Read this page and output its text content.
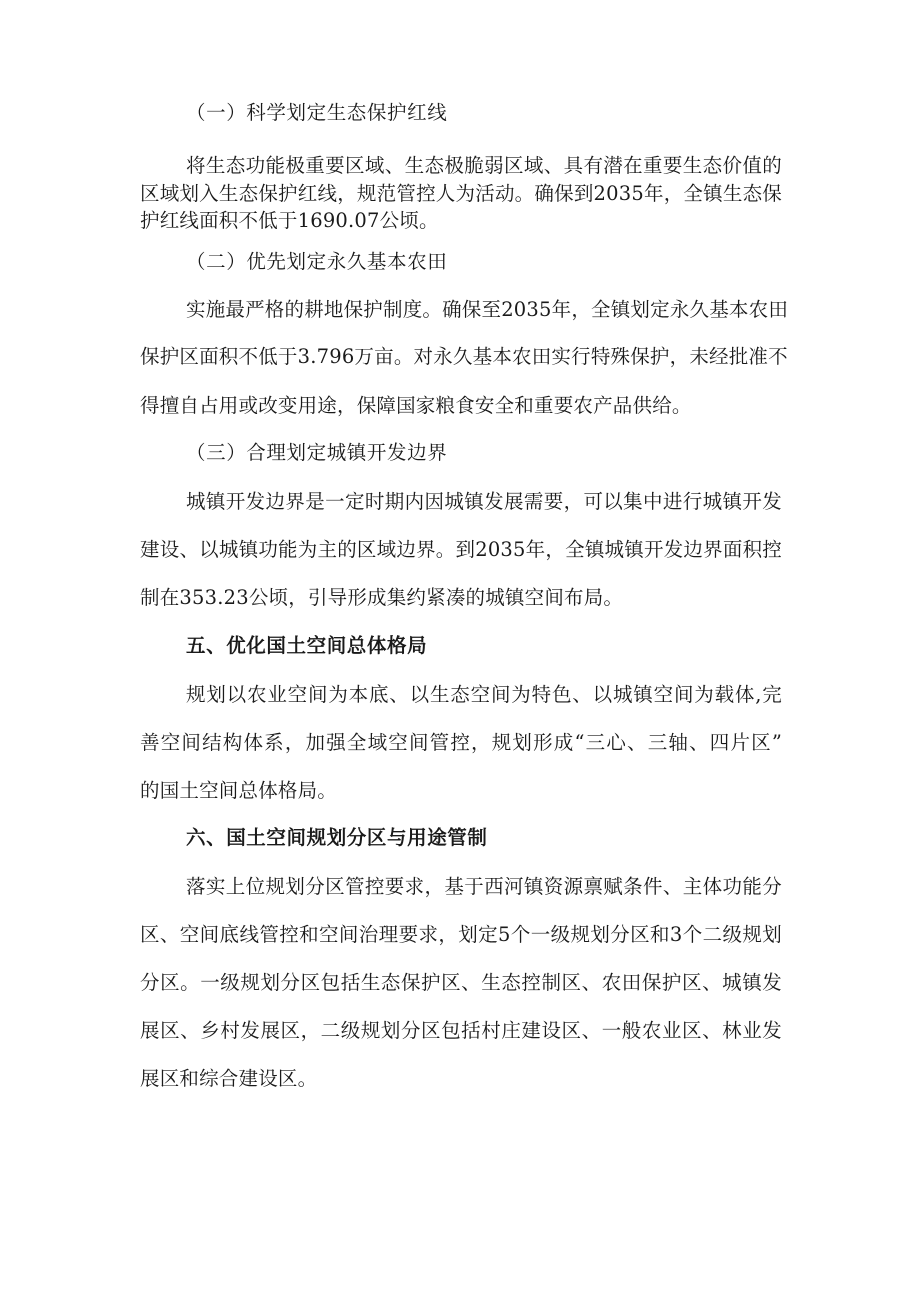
（一）科学划定生态保护红线
将生态功能极重要区域、生态极脆弱区域、具有潜在重要生态价值的
区域划入生态保护红线，规范管控人为活动。确保到2035年，全镇生态保
护红线面积不低于1690.07公顷。
（二）优先划定永久基本农田
实施最严格的耕地保护制度。确保至2035年，全镇划定永久基本农田
保护区面积不低于3.796万亩。对永久基本农田实行特殊保护，未经批准不
得擅自占用或改变用途，保障国家粮食安全和重要农产品供给。
（三）合理划定城镇开发边界
城镇开发边界是一定时期内因城镇发展需要，可以集中进行城镇开发
建设、以城镇功能为主的区域边界。到2035年，全镇城镇开发边界面积控
制在353.23公顷，引导形成集约紧凑的城镇空间布局。
五、优化国土空间总体格局
规划以农业空间为本底、以生态空间为特色、以城镇空间为载体,完
善空间结构体系，加强全域空间管控，规划形成“三心、三轴、四片区”
的国土空间总体格局。
六、国土空间规划分区与用途管制
落实上位规划分区管控要求，基于西河镇资源禀赋条件、主体功能分
区、空间底线管控和空间治理要求，划定5个一级规划分区和3个二级规划
分区。一级规划分区包括生态保护区、生态控制区、农田保护区、城镇发
展区、乡村发展区，二级规划分区包括村庄建设区、一般农业区、林业发
展区和综合建设区。
